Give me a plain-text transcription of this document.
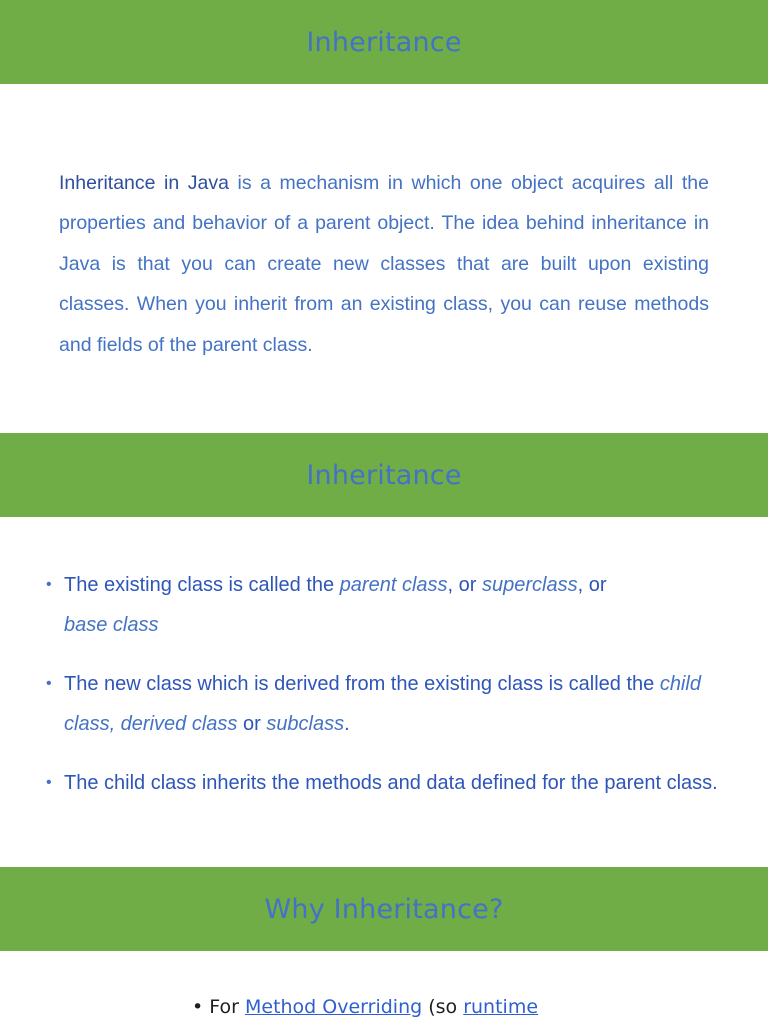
Inheritance
Inheritance in Java is a mechanism in which one object acquires all the properties and behavior of a parent object. The idea behind inheritance in Java is that you can create new classes that are built upon existing classes. When you inherit from an existing class, you can reuse methods and fields of the parent class.
Inheritance
• The existing class is called the parent class, or superclass, or
base class
• The new class which is derived from the existing class is called the child class, derived class or subclass.
• The child class inherits the methods and data defined for the parent class.
Why Inheritance?
• For Method Overriding (so runtime
